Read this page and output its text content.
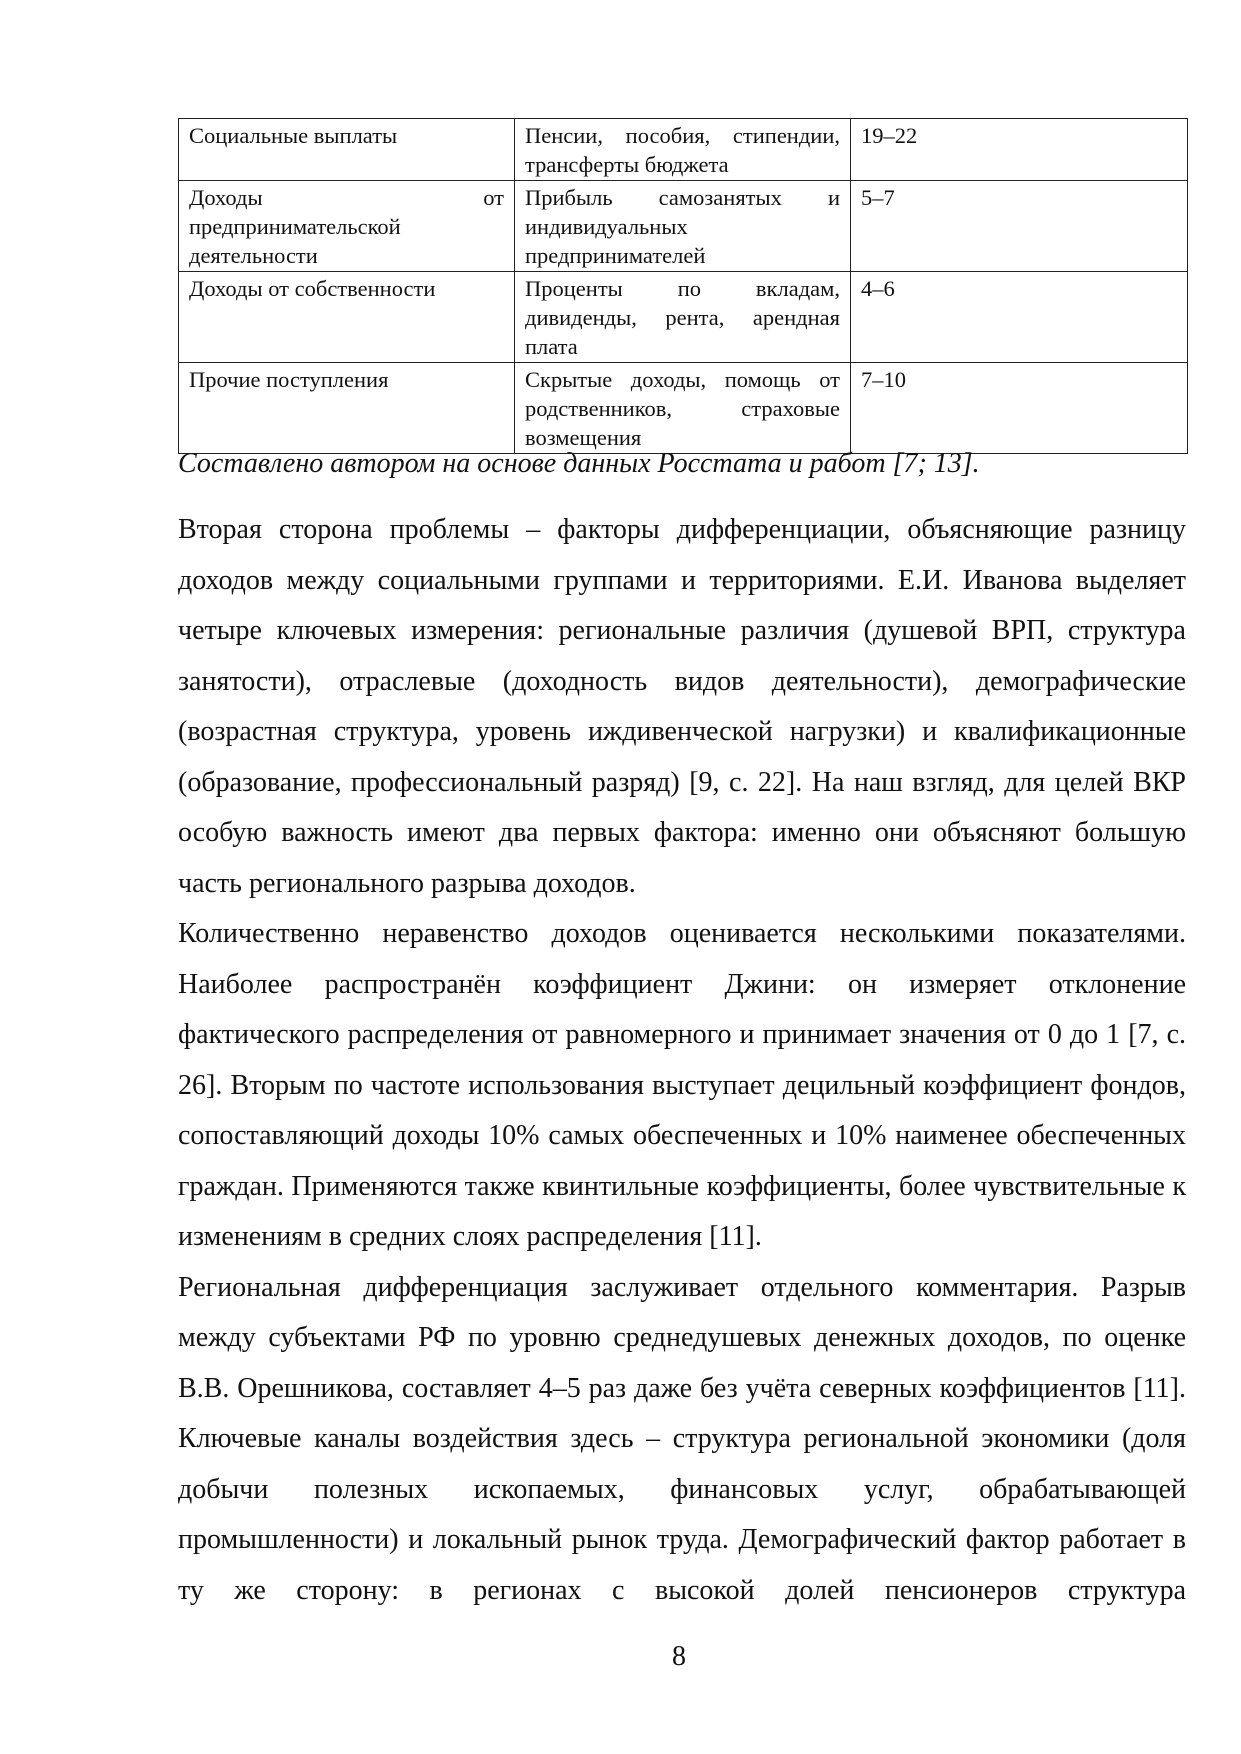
Социальные выплаты	Пенсии, пособия, стипендии, трансферты бюджета	19–22

Доходы от
предпринимательской
деятельности	Прибыль самозанятых и индивидуальных предпринимателей	5–7
Доходы от собственности	Проценты по вкладам, дивиденды, рента, арендная плата	4–6
Прочие поступления	Скрытые доходы, помощь от родственников, страховые возмещения	7–10
Составлено автором на основе данных Росстата и работ [7; 13].

Вторая сторона проблемы – факторы дифференциации, объясняющие разницу доходов между социальными группами и территориями. Е.И. Иванова выделяет четыре ключевых измерения: региональные различия (душевой ВРП, структура занятости), отраслевые (доходность видов деятельности), демографические (возрастная структура, уровень иждивенческой нагрузки) и квалификационные (образование, профессиональный разряд) [9, с. 22]. На наш взгляд, для целей ВКР особую важность имеют два первых фактора: именно они объясняют большую часть регионального разрыва доходов.

Количественно неравенство доходов оценивается несколькими показателями. Наиболее распространён коэффициент Джини: он измеряет отклонение фактического распределения от равномерного и принимает значения от 0 до 1 [7, с. 26]. Вторым по частоте использования выступает децильный коэффициент фондов, сопоставляющий доходы 10% самых обеспеченных и 10% наименее обеспеченных граждан. Применяются также квинтильные коэффициенты, более чувствительные к изменениям в средних слоях распределения [11].

Региональная дифференциация заслуживает отдельного комментария. Разрыв между субъектами РФ по уровню среднедушевых денежных доходов, по оценке В.В. Орешникова, составляет 4–5 раз даже без учёта северных коэффициентов [11]. Ключевые каналы воздействия здесь – структура региональной экономики (доля добычи полезных ископаемых, финансовых услуг, обрабатывающей промышленности) и локальный рынок труда. Демографический фактор работает в ту же сторону: в регионах с высокой долей пенсионеров структура

8
